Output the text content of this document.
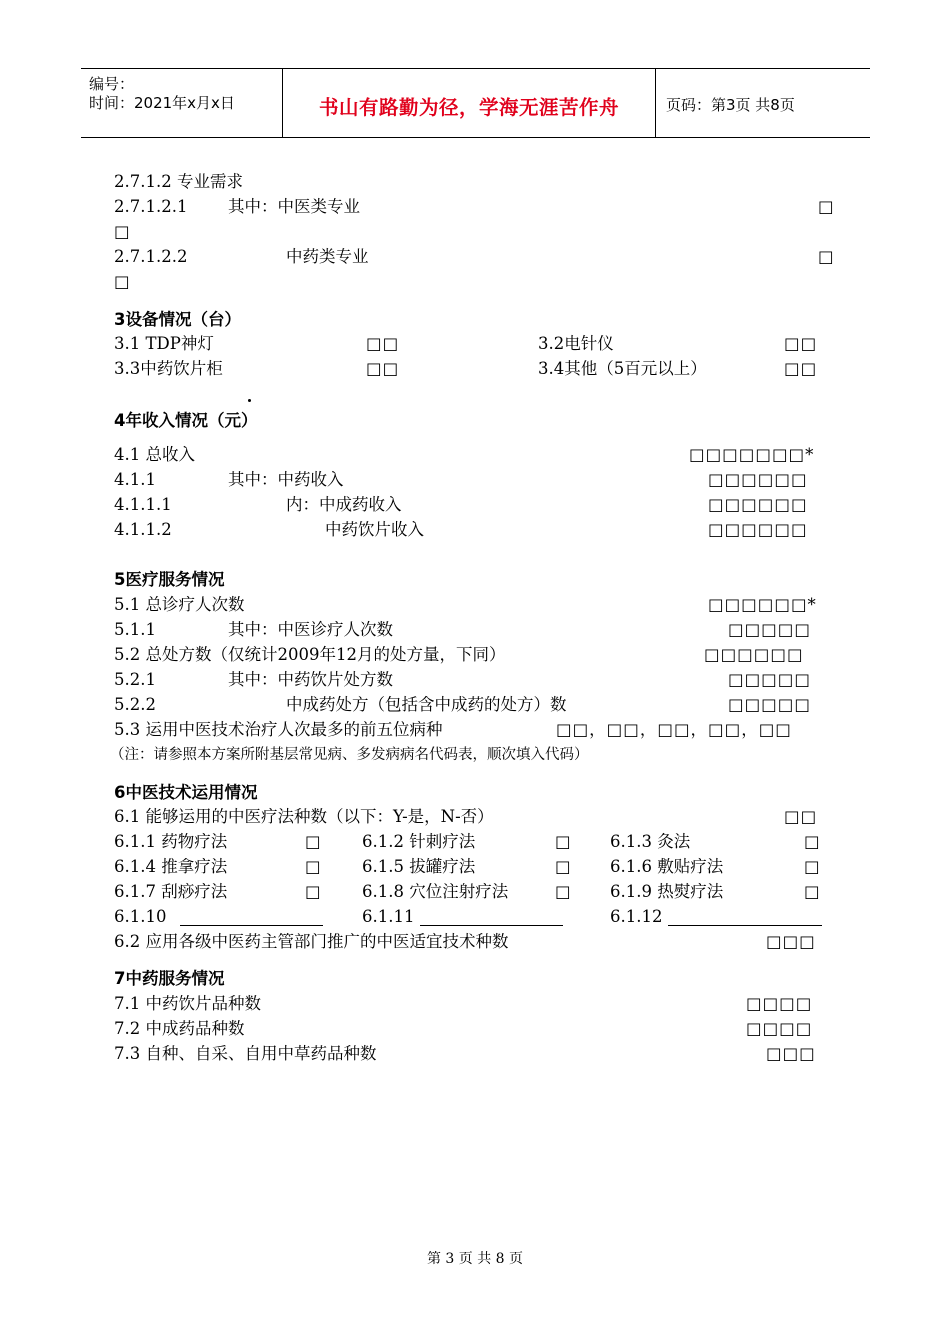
编号：
时间：2021年x月x日	书山有路勤为径，学海无涯苦作舟	页码：第3页 共8页
2.7.1.2 专业需求
2.7.1.2.1 其中：中医类专业	□
□
2.7.1.2.2	中药类专业	□
□
3设备情况（台）
3.1 TDP神灯	□□	3.2电针仪	□□
3.3中药饮片柜	□□	3.4其他（5百元以上）	□□
4年收入情况（元）
4.1 总收入	□□□□□□□*
4.1.1	其中：中药收入	□□□□□□
4.1.1.1	内：中成药收入	□□□□□□
4.1.1.2	中药饮片收入	□□□□□□
5医疗服务情况
5.1 总诊疗人次数	□□□□□□*
5.1.1	其中：中医诊疗人次数	□□□□□
5.2 总处方数（仅统计2009年12月的处方量，下同）	□□□□□□
5.2.1	其中：中药饮片处方数	□□□□□
5.2.2	中成药处方（包括含中成药的处方）数	□□□□□
5.3 运用中医技术治疗人次最多的前五位病种	□□，□□，□□，□□，□□
（注：请参照本方案所附基层常见病、多发病病名代码表，顺次填入代码）
6中医技术运用情况
6.1 能够运用的中医疗法种数（以下：Y-是，N-否）	□□
6.1.1 药物疗法	□ 6.1.2 针刺疗法	□ 6.1.3 灸法	□
6.1.4 推拿疗法	□ 6.1.5 拔罐疗法	□ 6.1.6 敷贴疗法	□
6.1.7 刮痧疗法	□ 6.1.8 穴位注射疗法	□ 6.1.9 热熨疗法	□
6.1.10	6.1.11	6.1.12
6.2 应用各级中医药主管部门推广的中医适宜技术种数	□□□
7中药服务情况
7.1 中药饮片品种数	□□□□
7.2 中成药品种数	□□□□
7.3 自种、自采、自用中草药品种数	□□□
第 3 页 共 8 页
